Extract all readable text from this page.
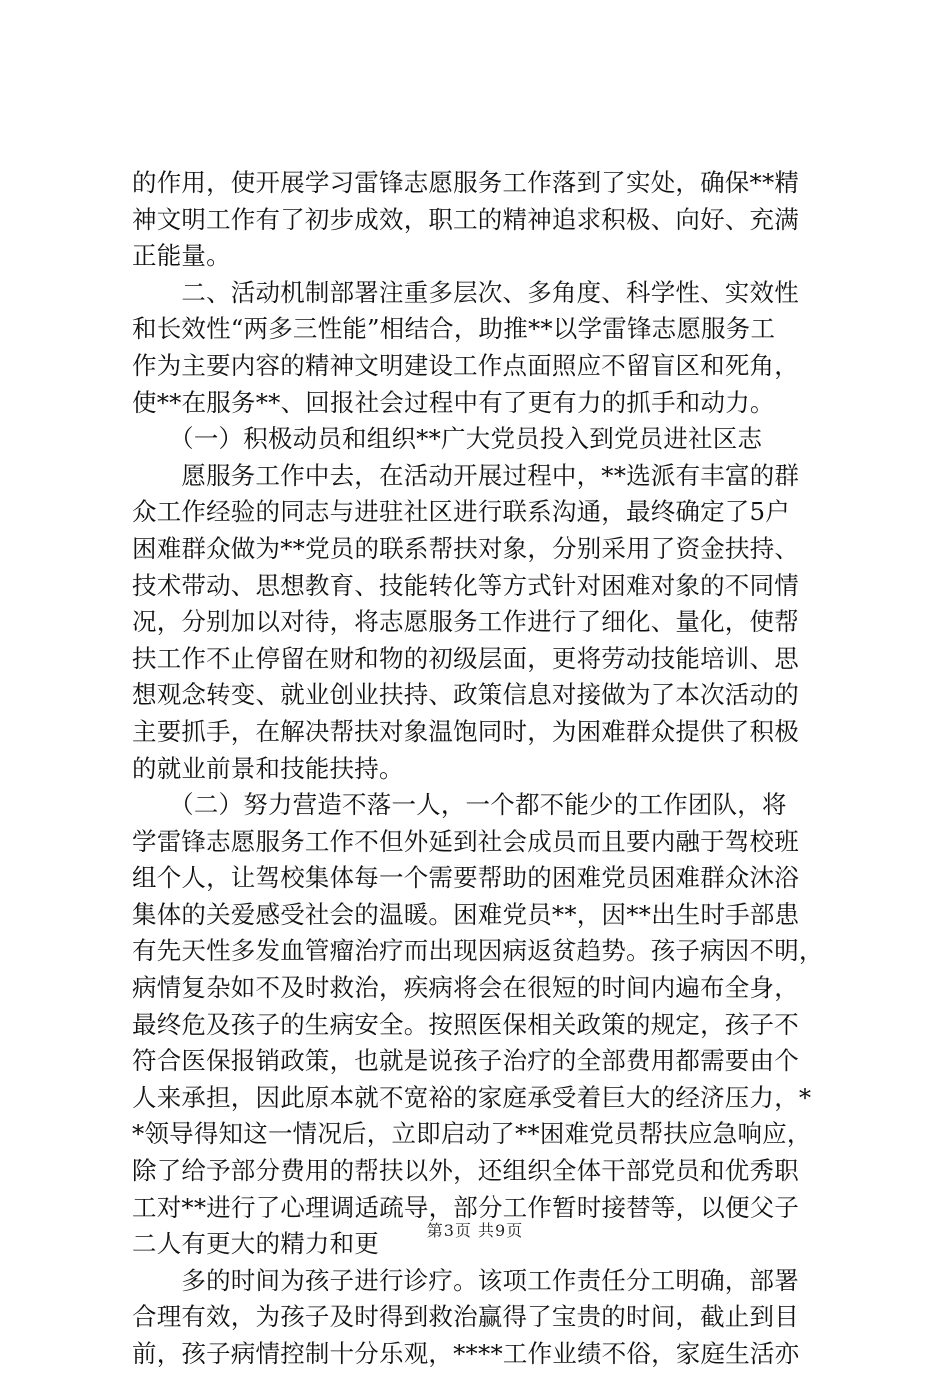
的作用，使开展学习雷锋志愿服务工作落到了实处，确保**精
神文明工作有了初步成效，职工的精神追求积极、向好、充满
正能量。
　　二、活动机制部署注重多层次、多角度、科学性、实效性
和长效性“两多三性能”相结合，助推**以学雷锋志愿服务工
作为主要内容的精神文明建设工作点面照应不留盲区和死角，
使**在服务**、回报社会过程中有了更有力的抓手和动力。
　　（一）积极动员和组织**广大党员投入到党员进社区志
　　愿服务工作中去，在活动开展过程中，**选派有丰富的群
众工作经验的同志与进驻社区进行联系沟通，最终确定了5户
困难群众做为**党员的联系帮扶对象，分别采用了资金扶持、
技术带动、思想教育、技能转化等方式针对困难对象的不同情
况，分别加以对待，将志愿服务工作进行了细化、量化，使帮
扶工作不止停留在财和物的初级层面，更将劳动技能培训、思
想观念转变、就业创业扶持、政策信息对接做为了本次活动的
主要抓手，在解决帮扶对象温饱同时，为困难群众提供了积极
的就业前景和技能扶持。
　　（二）努力营造不落一人，一个都不能少的工作团队，将
学雷锋志愿服务工作不但外延到社会成员而且要内融于驾校班
组个人，让驾校集体每一个需要帮助的困难党员困难群众沐浴
集体的关爱感受社会的温暖。困难党员**，因**出生时手部患
有先天性多发血管瘤治疗而出现因病返贫趋势。孩子病因不明，
病情复杂如不及时救治，疾病将会在很短的时间内遍布全身，
最终危及孩子的生病安全。按照医保相关政策的规定，孩子不
符合医保报销政策，也就是说孩子治疗的全部费用都需要由个
人来承担，因此原本就不宽裕的家庭承受着巨大的经济压力，*
*领导得知这一情况后，立即启动了**困难党员帮扶应急响应，
除了给予部分费用的帮扶以外，还组织全体干部党员和优秀职
工对**进行了心理调适疏导，部分工作暂时接替等，以便父子
二人有更大的精力和更
　　多的时间为孩子进行诊疗。该项工作责任分工明确，部署
合理有效，为孩子及时得到救治赢得了宝贵的时间，截止到目
前，孩子病情控制十分乐观，****工作业绩不俗，家庭生活亦
第3页 共9页
